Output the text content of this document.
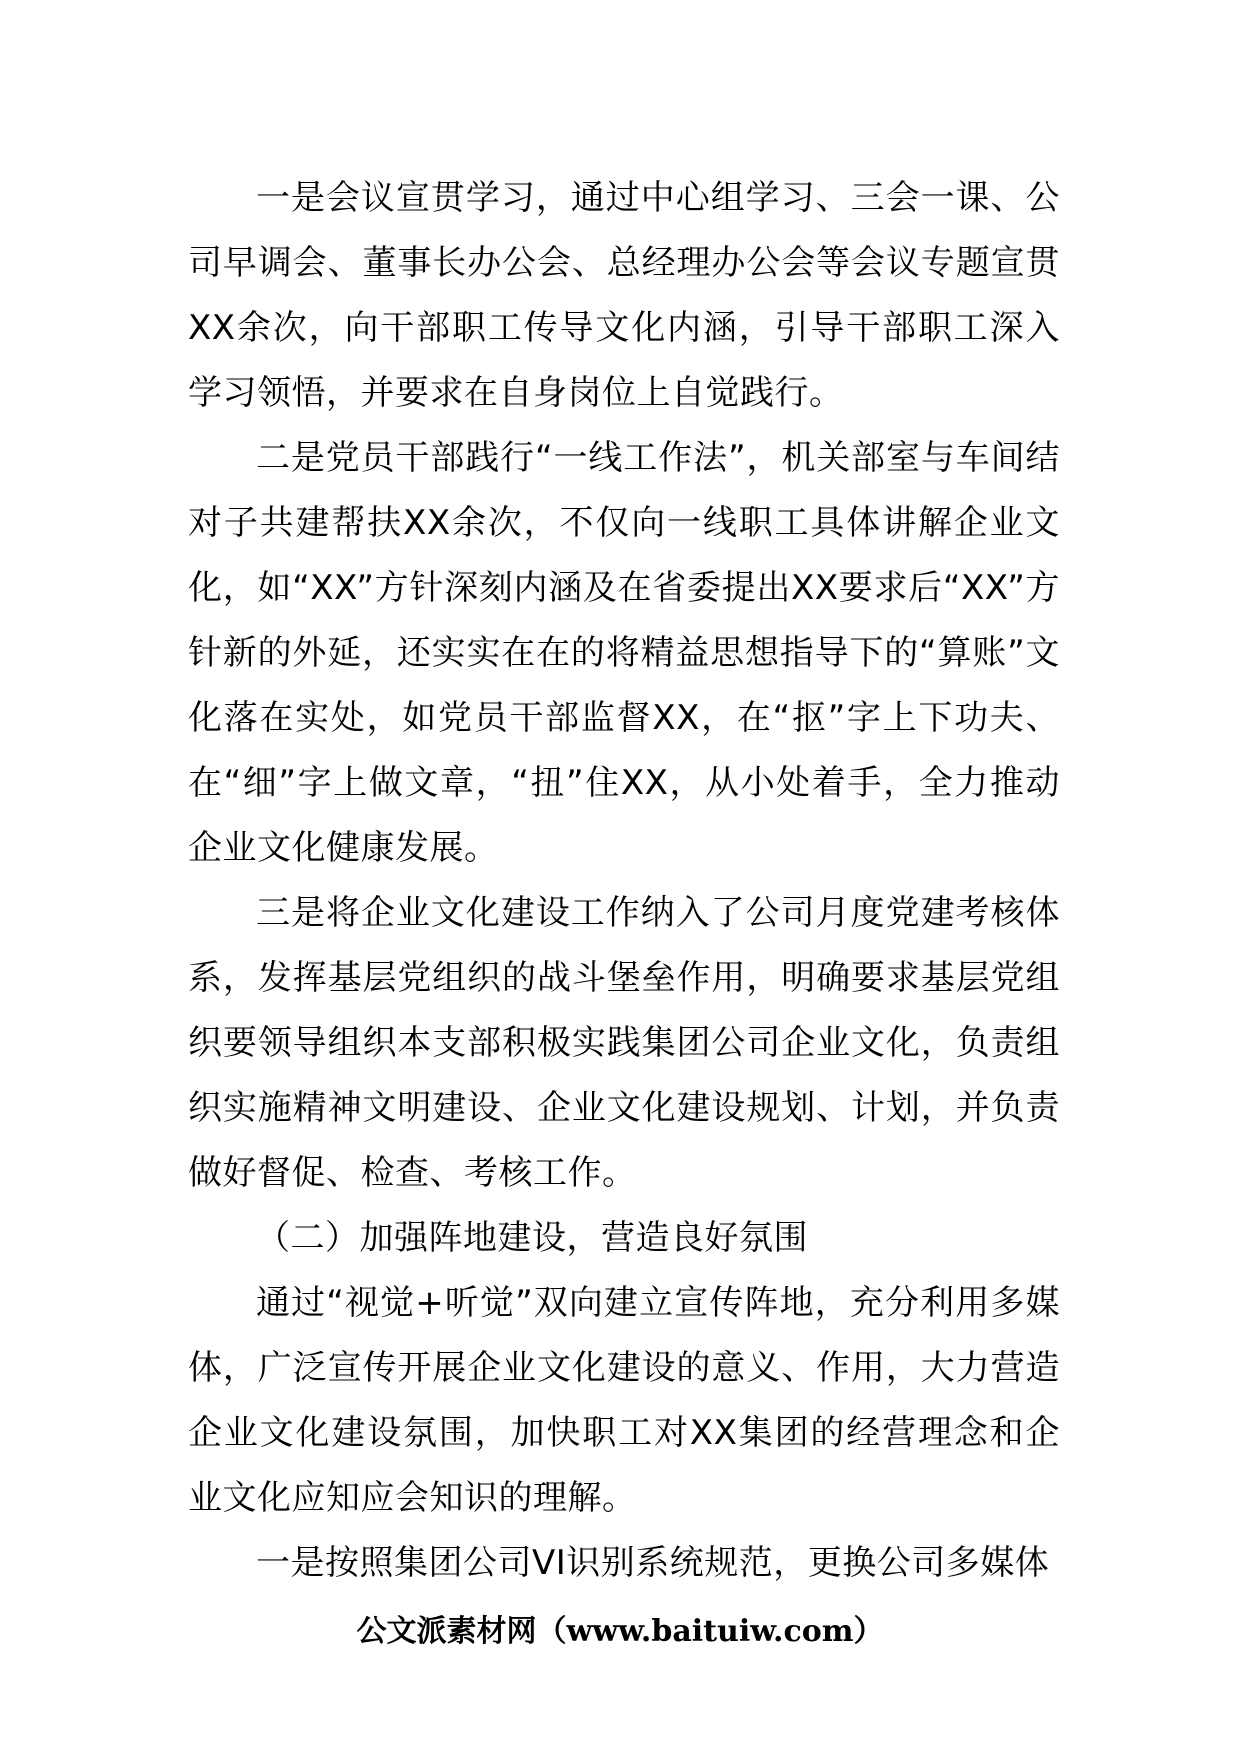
一是会议宣贯学习，通过中心组学习、三会一课、公司早调会、董事长办公会、总经理办公会等会议专题宣贯XX余次，向干部职工传导文化内涵，引导干部职工深入学习领悟，并要求在自身岗位上自觉践行。

二是党员干部践行“一线工作法”，机关部室与车间结对子共建帮扶XX余次，不仅向一线职工具体讲解企业文化，如“XX”方针深刻内涵及在省委提出XX要求后“XX”方针新的外延，还实实在在的将精益思想指导下的“算账”文化落在实处，如党员干部监督XX，在“抠”字上下功夫、在“细”字上做文章，“扭”住XX，从小处着手，全力推动企业文化健康发展。

三是将企业文化建设工作纳入了公司月度党建考核体系，发挥基层党组织的战斗堡垒作用，明确要求基层党组织要领导组织本支部积极实践集团公司企业文化，负责组织实施精神文明建设、企业文化建设规划、计划，并负责做好督促、检查、考核工作。

（二）加强阵地建设，营造良好氛围

通过“视觉+听觉”双向建立宣传阵地，充分利用多媒体，广泛宣传开展企业文化建设的意义、作用，大力营造企业文化建设氛围，加快职工对XX集团的经营理念和企业文化应知应会知识的理解。

一是按照集团公司VI识别系统规范，更换公司多媒体

公文派素材网（www.baituiw.com）
